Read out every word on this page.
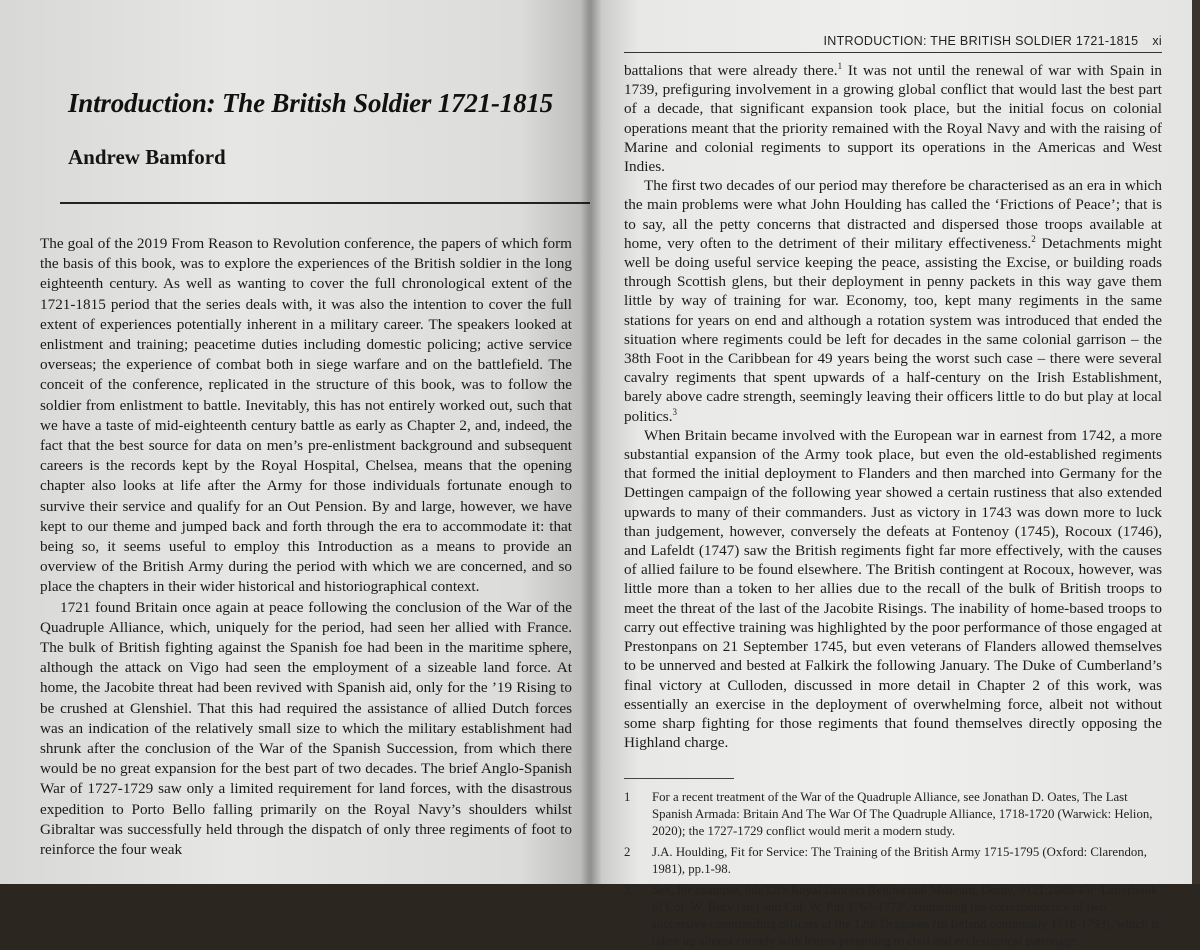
Introduction: The British Soldier 1721-1815
Andrew Bamford

The goal of the 2019 From Reason to Revolution conference, the papers of which form the basis of this book, was to explore the experiences of the British soldier in the long eighteenth century. As well as wanting to cover the full chronological extent of the 1721-1815 period that the series deals with, it was also the intention to cover the full extent of experiences potentially inherent in a military career. The speakers looked at enlistment and training; peacetime duties including domestic policing; active service overseas; the experience of combat both in siege warfare and on the battlefield. The conceit of the conference, replicated in the structure of this book, was to follow the soldier from enlistment to battle. Inevitably, this has not entirely worked out, such that we have a taste of mid-eighteenth century battle as early as Chapter 2, and, indeed, the fact that the best source for data on men’s pre-enlistment background and subsequent careers is the records kept by the Royal Hospital, Chelsea, means that the opening chapter also looks at life after the Army for those individuals fortunate enough to survive their service and qualify for an Out Pension. By and large, however, we have kept to our theme and jumped back and forth through the era to accommodate it: that being so, it seems useful to employ this Introduction as a means to provide an overview of the British Army during the period with which we are concerned, and so place the chapters in their wider historical and historiographical context.

1721 found Britain once again at peace following the conclusion of the War of the Quadruple Alliance, which, uniquely for the period, had seen her allied with France. The bulk of British fighting against the Spanish foe had been in the maritime sphere, although the attack on Vigo had seen the employment of a sizeable land force. At home, the Jacobite threat had been revived with Spanish aid, only for the ’19 Rising to be crushed at Glenshiel. That this had required the assistance of allied Dutch forces was an indication of the relatively small size to which the military establishment had shrunk after the conclusion of the War of the Spanish Succession, from which there would be no great expansion for the best part of two decades. The brief Anglo-Spanish War of 1727-1729 saw only a limited requirement for land forces, with the disastrous expedition to Porto Bello falling primarily on the Royal Navy’s shoulders whilst Gibraltar was successfully held through the dispatch of only three regiments of foot to reinforce the four weak

INTRODUCTION: THE BRITISH SOLDIER 1721-1815 xi

battalions that were already there.$^1$ It was not until the renewal of war with Spain in 1739, prefiguring involvement in a growing global conflict that would last the best part of a decade, that significant expansion took place, but the initial focus on colonial operations meant that the priority remained with the Royal Navy and with the raising of Marine and colonial regiments to support its operations in the Americas and West Indies.

The first two decades of our period may therefore be characterised as an era in which the main problems were what John Houlding has called the ‘Frictions of Peace’; that is to say, all the petty concerns that distracted and dispersed those troops available at home, very often to the detriment of their military effectiveness.$^2$ Detachments might well be doing useful service keeping the peace, assisting the Excise, or building roads through Scottish glens, but their deployment in penny packets in this way gave them little by way of training for war. Economy, too, kept many regiments in the same stations for years on end and although a rotation system was introduced that ended the situation where regiments could be left for decades in the same colonial garrison – the 38th Foot in the Caribbean for 49 years being the worst such case – there were several cavalry regiments that spent upwards of a half-century on the Irish Establishment, barely above cadre strength, seemingly leaving their officers little to do but play at local politics.$^3$

When Britain became involved with the European war in earnest from 1742, a more substantial expansion of the Army took place, but even the old-established regiments that formed the initial deployment to Flanders and then marched into Germany for the Dettingen campaign of the following year showed a certain rustiness that also extended upwards to many of their commanders. Just as victory in 1743 was down more to luck than judgement, however, conversely the defeats at Fontenoy (1745), Rocoux (1746), and Lafeldt (1747) saw the British regiments fight far more effectively, with the causes of allied failure to be found elsewhere. The British contingent at Rocoux, however, was little more than a token to her allies due to the recall of the bulk of British troops to meet the threat of the last of the Jacobite Risings. The inability of home-based troops to carry out effective training was highlighted by the poor performance of those engaged at Prestonpans on 21 September 1745, but even veterans of Flanders allowed themselves to be unnerved and bested at Falkirk the following January. The Duke of Cumberland’s final victory at Culloden, discussed in more detail in Chapter 2 of this work, was essentially an exercise in the deployment of overwhelming force, albeit not without some sharp fighting for those regiments that found themselves directly opposing the Highland charge.

1	For a recent treatment of the War of the Quadruple Alliance, see Jonathan D. Oates, The Last Spanish Armada: Britain And The War Of The Quadruple Alliance, 1718-1720 (Warwick: Helion, 2020); the 1727-1729 conflict would merit a modern study.
2	J.A. Houlding, Fit for Service: The Training of the British Army 1715-1795 (Oxford: Clarendon, 1981), pp.1-98.
3	See, for example, 9th/12th Royal Lancers Regimental Museum, Derby, 9121:2088/43: ‘Letterbook of Col. W. Bury [sic] and Col. W. Pitt 1767-1772’, containing the correspondence of two successive commanding officers of the 12th Dragoons (in Ireland continually 1718-1793), which is taken up almost entirely with letters pertaining to civil and ecclesiastical patronage.
